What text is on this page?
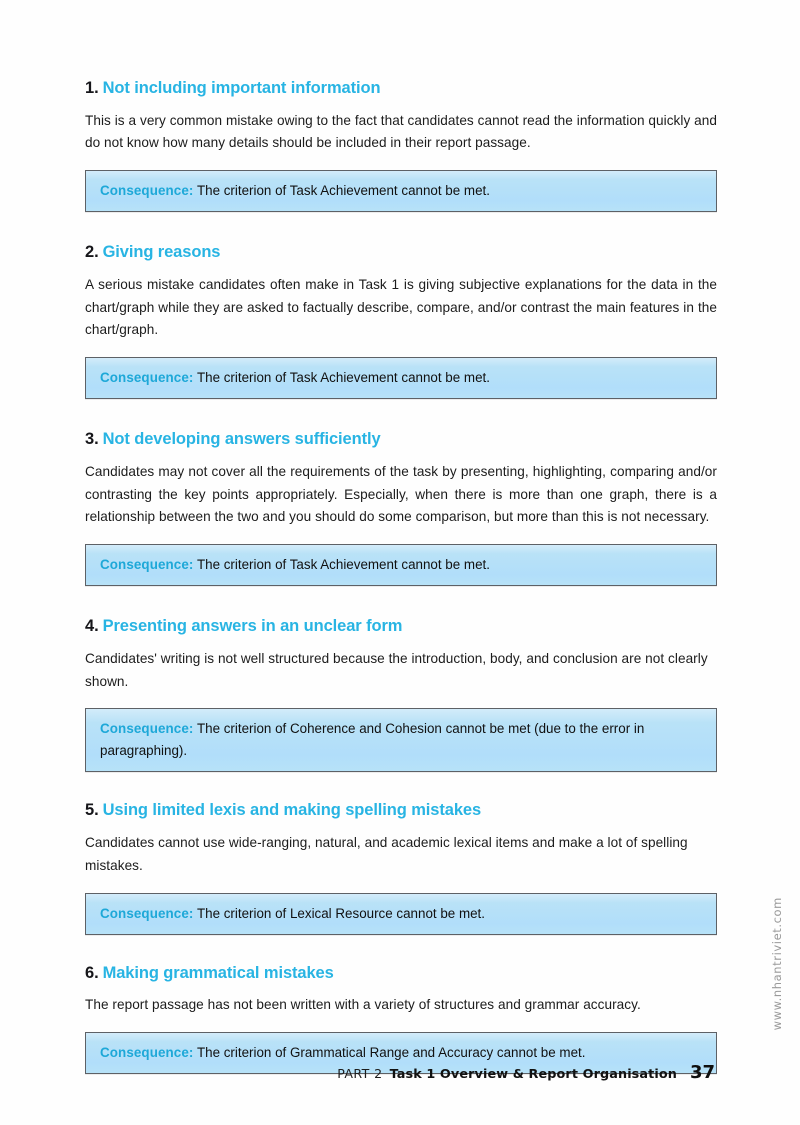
1. Not including important information

This is a very common mistake owing to the fact that candidates cannot read the information quickly and do not know how many details should be included in their report passage.

Consequence: The criterion of Task Achievement cannot be met.
2. Giving reasons

A serious mistake candidates often make in Task 1 is giving subjective explanations for the data in the chart/graph while they are asked to factually describe, compare, and/or contrast the main features in the chart/graph.

Consequence: The criterion of Task Achievement cannot be met.
3. Not developing answers sufficiently

Candidates may not cover all the requirements of the task by presenting, highlighting, comparing and/or contrasting the key points appropriately. Especially, when there is more than one graph, there is a relationship between the two and you should do some comparison, but more than this is not necessary.

Consequence: The criterion of Task Achievement cannot be met.
4. Presenting answers in an unclear form

Candidates' writing is not well structured because the introduction, body, and conclusion are not clearly shown.

Consequence: The criterion of Coherence and Cohesion cannot be met (due to the error in paragraphing).
5. Using limited lexis and making spelling mistakes

Candidates cannot use wide-ranging, natural, and academic lexical items and make a lot of spelling mistakes.

Consequence: The criterion of Lexical Resource cannot be met.
6. Making grammatical mistakes

The report passage has not been written with a variety of structures and grammar accuracy.

Consequence: The criterion of Grammatical Range and Accuracy cannot be met.
www.nhantriviet.com
PART 2 Task 1 Overview & Report Organisation 37
